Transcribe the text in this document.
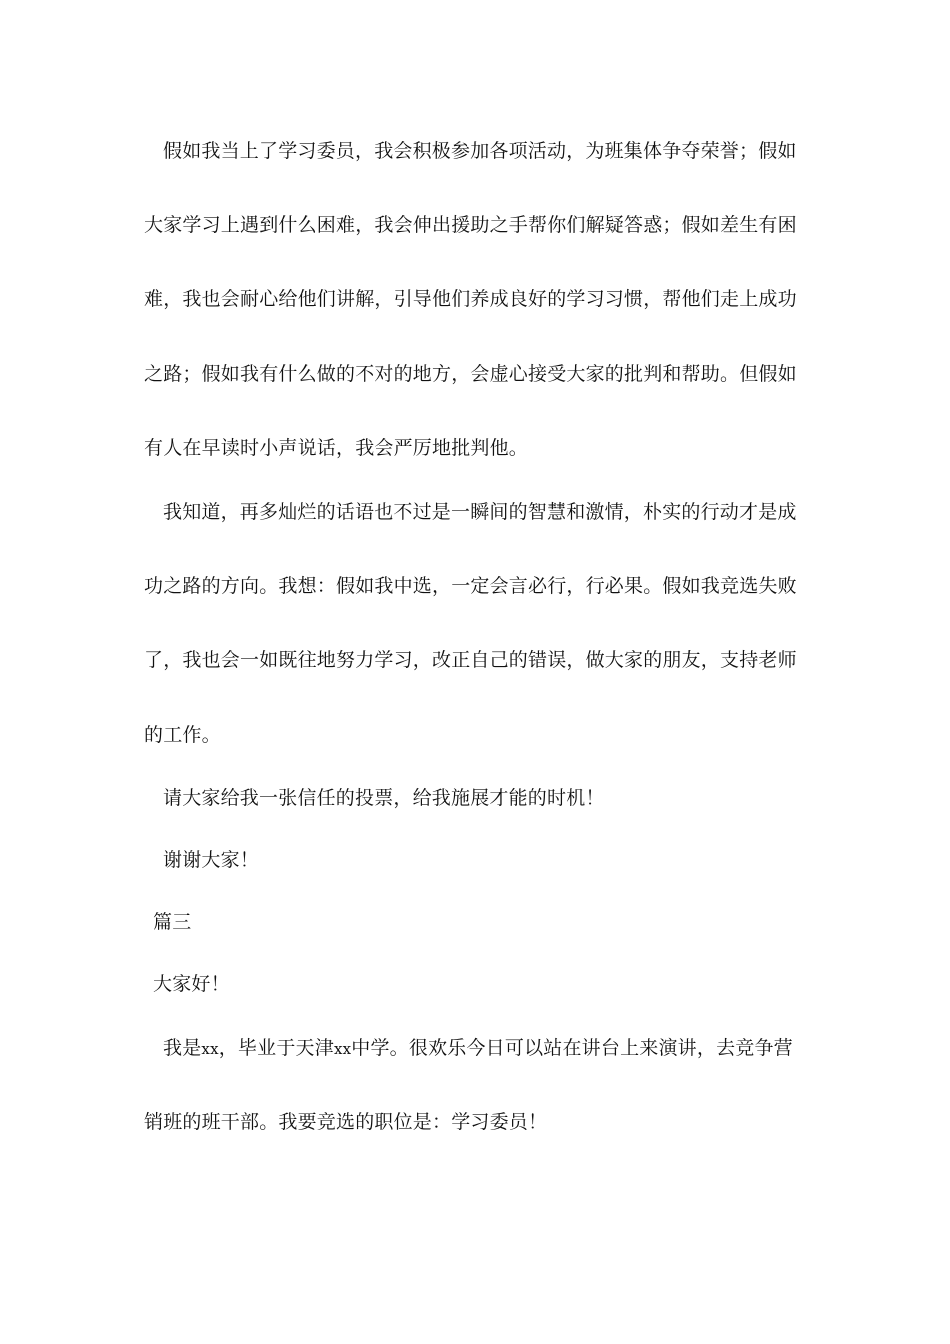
假如我当上了学习委员，我会积极参加各项活动，为班集体争夺荣誉；假如
大家学习上遇到什么困难，我会伸出援助之手帮你们解疑答惑；假如差生有困
难，我也会耐心给他们讲解，引导他们养成良好的学习习惯，帮他们走上成功
之路；假如我有什么做的不对的地方，会虚心接受大家的批判和帮助。但假如
有人在早读时小声说话，我会严厉地批判他。
我知道，再多灿烂的话语也不过是一瞬间的智慧和激情，朴实的行动才是成
功之路的方向。我想：假如我中选，一定会言必行，行必果。假如我竞选失败
了，我也会一如既往地努力学习，改正自己的错误，做大家的朋友，支持老师
的工作。
请大家给我一张信任的投票，给我施展才能的时机！
谢谢大家！
篇三
大家好！
我是xx，毕业于天津xx中学。很欢乐今日可以站在讲台上来演讲，去竞争营
销班的班干部。我要竞选的职位是：学习委员！
